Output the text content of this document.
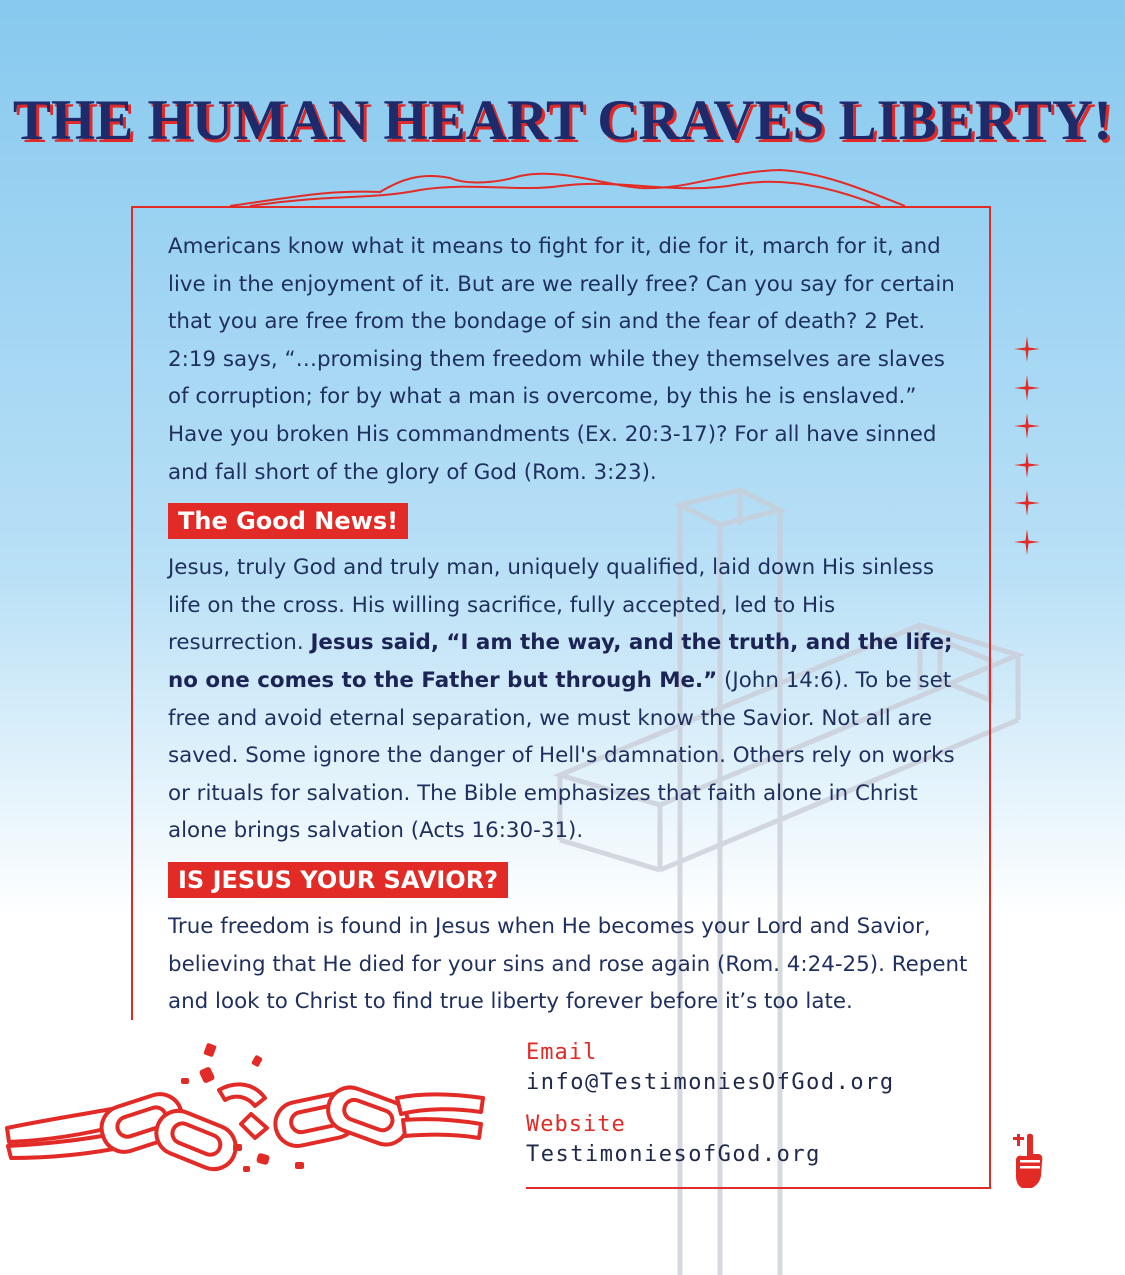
THE HUMAN HEART CRAVES LIBERTY!

Americans know what it means to fight for it, die for it, march for it, and live in the enjoyment of it. But are we really free? Can you say for certain that you are free from the bondage of sin and the fear of death? 2 Pet. 2:19 says, “…promising them freedom while they themselves are slaves of corruption; for by what a man is overcome, by this he is enslaved.” Have you broken His commandments (Ex. 20:3-17)? For all have sinned and fall short of the glory of God (Rom. 3:23).

The Good News!

Jesus, truly God and truly man, uniquely qualified, laid down His sinless life on the cross. His willing sacrifice, fully accepted, led to His resurrection. Jesus said, “I am the way, and the truth, and the life; no one comes to the Father but through Me.” (John 14:6). To be set free and avoid eternal separation, we must know the Savior. Not all are saved. Some ignore the danger of Hell's damnation. Others rely on works or rituals for salvation. The Bible emphasizes that faith alone in Christ alone brings salvation (Acts 16:30-31).

IS JESUS YOUR SAVIOR?

True freedom is found in Jesus when He becomes your Lord and Savior, believing that He died for your sins and rose again (Rom. 4:24-25). Repent and look to Christ to find true liberty forever before it’s too late.

Email
info@TestimoniesOfGod.org
Website
TestimoniesofGod.org
